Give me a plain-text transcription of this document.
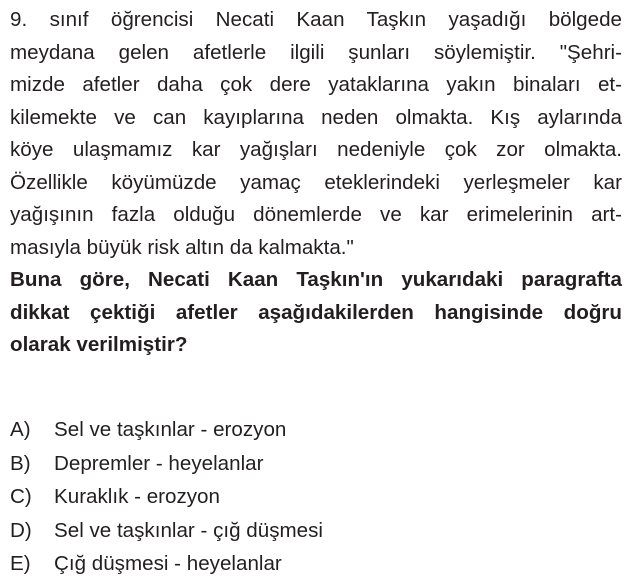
9. sınıf öğrencisi Necati Kaan Taşkın yaşadığı bölgede
meydana gelen afetlerle ilgili şunları söylemiştir. "Şehri-
mizde afetler daha çok dere yataklarına yakın binaları et-
kilemekte ve can kayıplarına neden olmakta. Kış aylarında
köye ulaşmamız kar yağışları nedeniyle çok zor olmakta.
Özellikle köyümüzde yamaç eteklerindeki yerleşmeler kar
yağışının fazla olduğu dönemlerde ve kar erimelerinin art-
masıyla büyük risk altın da kalmakta."

Buna göre, Necati Kaan Taşkın'ın yukarıdaki paragrafta
dikkat çektiği afetler aşağıdakilerden hangisinde doğru
olarak verilmiştir?

A) Sel ve taşkınlar - erozyon
B) Depremler - heyelanlar
C) Kuraklık - erozyon
D) Sel ve taşkınlar - çığ düşmesi
E) Çığ düşmesi - heyelanlar
